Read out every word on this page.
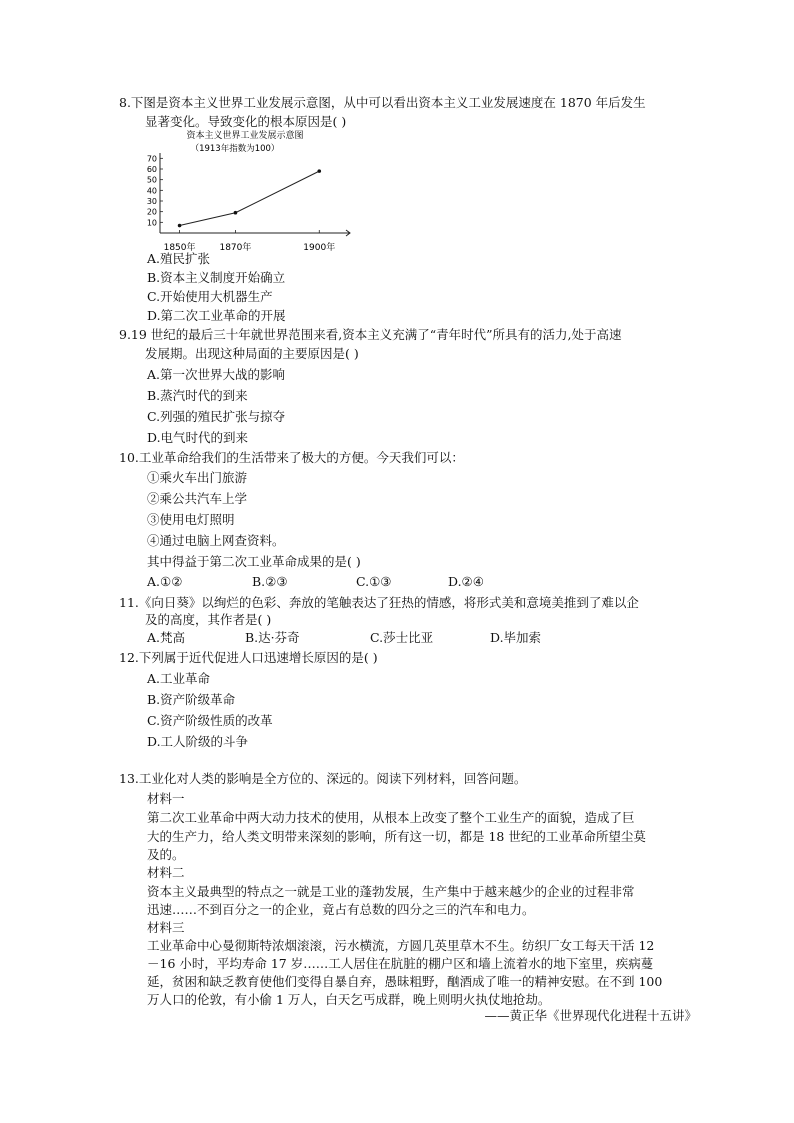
8.下图是资本主义世界工业发展示意图，从中可以看出资本主义工业发展速度在 1870 年后发生
显著变化。导致变化的根本原因是( )
资本主义世界工业发展示意图
（1913年指数为100）
10
20
30
40
50
60
70
1850年	1870年	1900年
A.殖民扩张
B.资本主义制度开始确立
C.开始使用大机器生产
D.第二次工业革命的开展
9.19 世纪的最后三十年就世界范围来看,资本主义充满了“青年时代”所具有的活力,处于高速
发展期。出现这种局面的主要原因是( )
A.第一次世界大战的影响
B.蒸汽时代的到来
C.列强的殖民扩张与掠夺
D.电气时代的到来
10.工业革命给我们的生活带来了极大的方便。今天我们可以：
①乘火车出门旅游
②乘公共汽车上学
③使用电灯照明
④通过电脑上网查资料。
其中得益于第二次工业革命成果的是( )
A.①②	B.②③	C.①③	D.②④
11.《向日葵》以绚烂的色彩、奔放的笔触表达了狂热的情感，将形式美和意境美推到了难以企
及的高度，其作者是( )
A.梵高	B.达·芬奇	C.莎士比亚	D.毕加索
12.下列属于近代促进人口迅速增长原因的是( )
A.工业革命
B.资产阶级革命
C.资产阶级性质的改革
D.工人阶级的斗争
13.工业化对人类的影响是全方位的、深远的。阅读下列材料，回答问题。
材料一
第二次工业革命中两大动力技术的使用，从根本上改变了整个工业生产的面貌，造成了巨
大的生产力，给人类文明带来深刻的影响，所有这一切，都是 18 世纪的工业革命所望尘莫
及的。
材料二
资本主义最典型的特点之一就是工业的蓬勃发展，生产集中于越来越少的企业的过程非常
迅速……不到百分之一的企业，竟占有总数的四分之三的汽车和电力。
材料三
工业革命中心曼彻斯特浓烟滚滚，污水横流，方圆几英里草木不生。纺织厂女工每天干活 12
－16 小时，平均寿命 17 岁……工人居住在肮脏的棚户区和墙上流着水的地下室里，疾病蔓
延，贫困和缺乏教育使他们变得自暴自弃，愚昧粗野，酗酒成了唯一的精神安慰。在不到 100
万人口的伦敦，有小偷 1 万人，白天乞丐成群，晚上则明火执仗地抢劫。
——黄正华《世界现代化进程十五讲》
